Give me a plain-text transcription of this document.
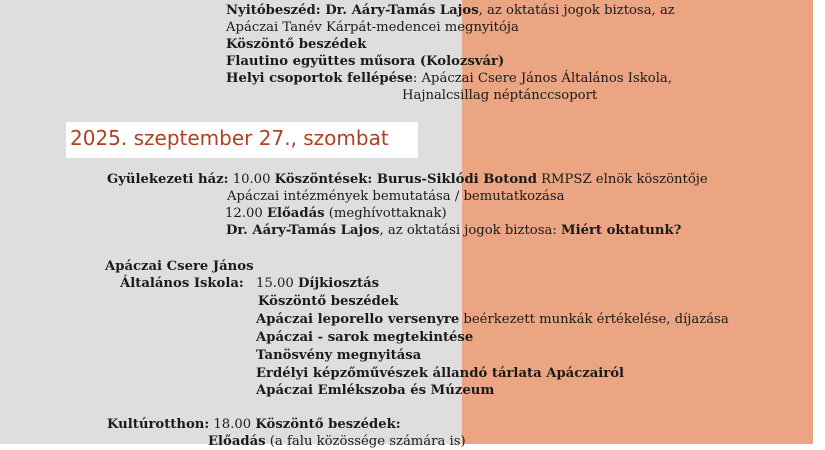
Nyitóbeszéd: Dr. Aáry-Tamás Lajos, az oktatási jogok biztosa, az
Apáczai Tanév Kárpát-medencei megnyitója
Köszöntő beszédek
Flautino együttes műsora (Kolozsvár)
Helyi csoportok fellépése: Apáczai Csere János Általános Iskola,
Hajnalcsillag néptánccsoport
2025. szeptember 27., szombat
Gyülekezeti ház: 10.00 Köszöntések: Burus-Siklódi Botond RMPSZ elnök köszöntője
Apáczai intézmények bemutatása / bemutatkozása
12.00 Előadás (meghívottaknak)
Dr. Aáry-Tamás Lajos, az oktatási jogok biztosa: Miért oktatunk?
Apáczai Csere János
Általános Iskola: 15.00 Díjkiosztás
Köszöntő beszédek
Apáczai leporello versenyre beérkezett munkák értékelése, díjazása
Apáczai - sarok megtekintése
Tanösvény megnyitása
Erdélyi képzőművészek állandó tárlata Apáczairól
Apáczai Emlékszoba és Múzeum
Kultúrotthon: 18.00 Köszöntő beszédek:
Előadás (a falu közössége számára is)
